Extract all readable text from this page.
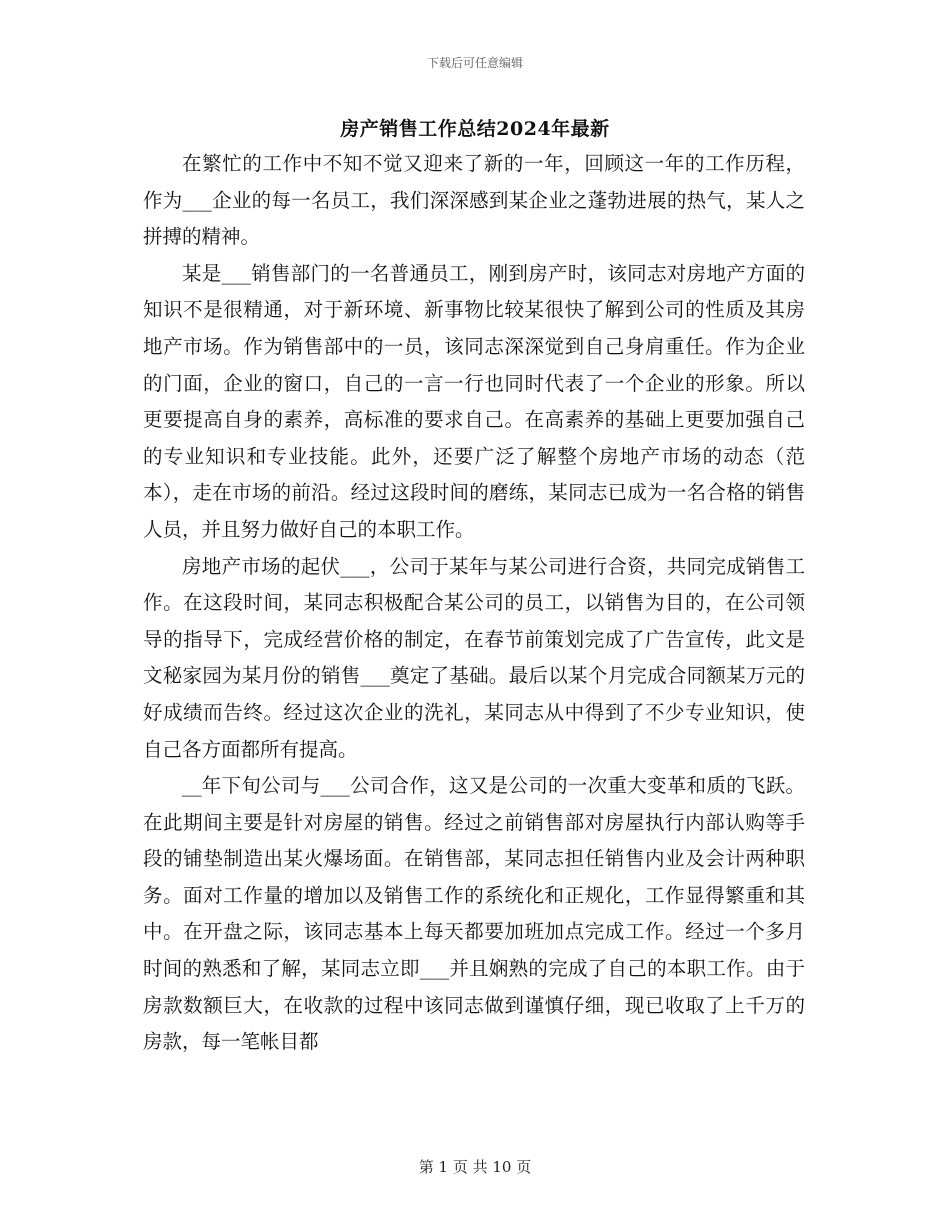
下载后可任意编辑
房产销售工作总结2024年最新

在繁忙的工作中不知不觉又迎来了新的一年，回顾这一年的工作历程，作为___企业的每一名员工，我们深深感到某企业之蓬勃进展的热气，某人之拼搏的精神。

某是___销售部门的一名普通员工，刚到房产时，该同志对房地产方面的知识不是很精通，对于新环境、新事物比较某很快了解到公司的性质及其房地产市场。作为销售部中的一员，该同志深深觉到自己身肩重任。作为企业的门面，企业的窗口，自己的一言一行也同时代表了一个企业的形象。所以更要提高自身的素养，高标准的要求自己。在高素养的基础上更要加强自己的专业知识和专业技能。此外，还要广泛了解整个房地产市场的动态（范本），走在市场的前沿。经过这段时间的磨练，某同志已成为一名合格的销售人员，并且努力做好自己的本职工作。

房地产市场的起伏___，公司于某年与某公司进行合资，共同完成销售工作。在这段时间，某同志积极配合某公司的员工，以销售为目的，在公司领导的指导下，完成经营价格的制定，在春节前策划完成了广告宣传，此文是文秘家园为某月份的销售___奠定了基础。最后以某个月完成合同额某万元的好成绩而告终。经过这次企业的洗礼，某同志从中得到了不少专业知识，使自己各方面都所有提高。

__年下旬公司与___公司合作，这又是公司的一次重大变革和质的飞跃。在此期间主要是针对房屋的销售。经过之前销售部对房屋执行内部认购等手段的铺垫制造出某火爆场面。在销售部，某同志担任销售内业及会计两种职务。面对工作量的增加以及销售工作的系统化和正规化，工作显得繁重和其中。在开盘之际，该同志基本上每天都要加班加点完成工作。经过一个多月时间的熟悉和了解，某同志立即___并且娴熟的完成了自己的本职工作。由于房款数额巨大，在收款的过程中该同志做到谨慎仔细，现已收取了上千万的房款，每一笔帐目都

第 1 页 共 10 页
